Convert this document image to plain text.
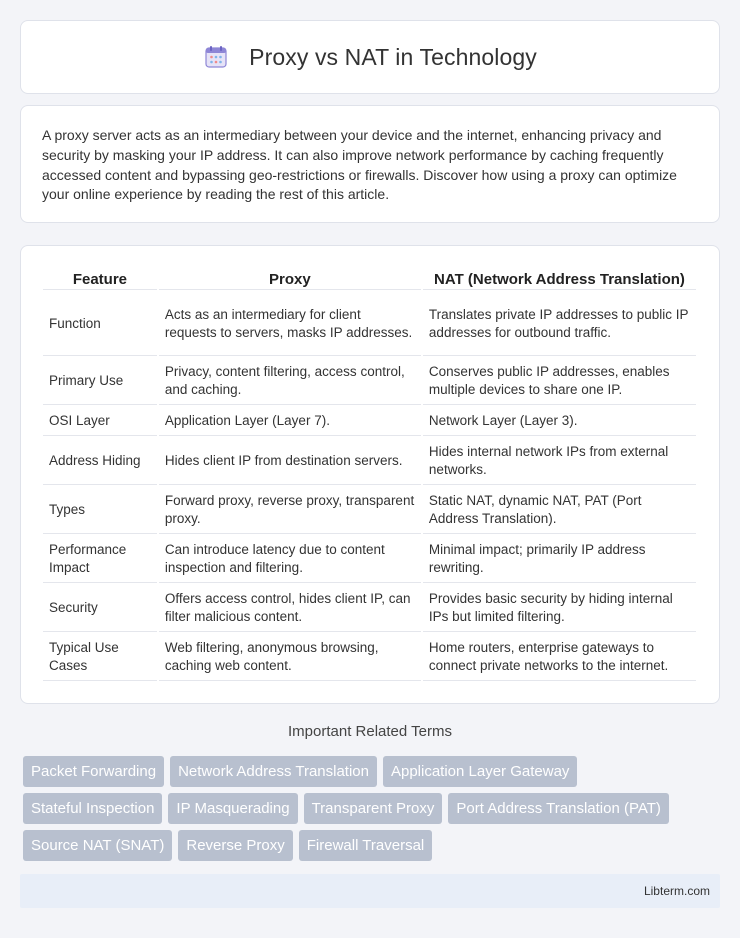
Proxy vs NAT in Technology

A proxy server acts as an intermediary between your device and the internet, enhancing privacy and security by masking your IP address. It can also improve network performance by caching frequently accessed content and bypassing geo-restrictions or firewalls. Discover how using a proxy can optimize your online experience by reading the rest of this article.

Feature	Proxy	NAT (Network Address Translation)
Function	Acts as an intermediary for client requests to servers, masks IP addresses.	Translates private IP addresses to public IP addresses for outbound traffic.
Primary Use	Privacy, content filtering, access control, and caching.	Conserves public IP addresses, enables multiple devices to share one IP.
OSI Layer	Application Layer (Layer 7).	Network Layer (Layer 3).
Address Hiding	Hides client IP from destination servers.	Hides internal network IPs from external networks.
Types	Forward proxy, reverse proxy, transparent proxy.	Static NAT, dynamic NAT, PAT (Port Address Translation).
Performance Impact	Can introduce latency due to content inspection and filtering.	Minimal impact; primarily IP address rewriting.
Security	Offers access control, hides client IP, can filter malicious content.	Provides basic security by hiding internal IPs but limited filtering.
Typical Use Cases	Web filtering, anonymous browsing, caching web content.	Home routers, enterprise gateways to connect private networks to the internet.
Important Related Terms
Packet Forwarding	Network Address Translation	Application Layer Gateway
Stateful Inspection	IP Masquerading	Transparent Proxy	Port Address Translation (PAT)
Source NAT (SNAT)	Reverse Proxy	Firewall Traversal
Libterm.com
